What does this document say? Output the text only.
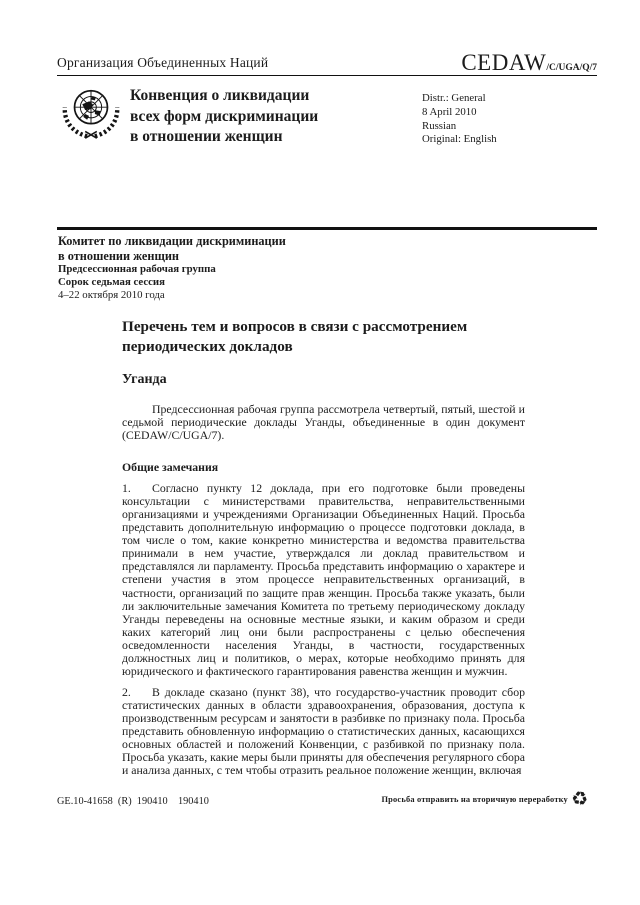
Организация Объединенных Наций	CEDAW/C/UGA/Q/7
Конвенция о ликвидации
всех форм дискриминации
в отношении женщин
Distr.: General
8 April 2010
Russian
Original: English
Комитет по ликвидации дискриминации
в отношении женщин
Предсессионная рабочая группа
Сорок седьмая сессия
4–22 октября 2010 года
Перечень тем и вопросов в связи с рассмотрением периодических докладов
Уганда

Предсессионная рабочая группа рассмотрела четвертый, пятый, шестой и седьмой периодические доклады Уганды, объединенные в один документ (CEDAW/C/UGA/7).

Общие замечания

1. Согласно пункту 12 доклада, при его подготовке были проведены консультации с министерствами правительства, неправительственными организациями и учреждениями Организации Объединенных Наций. Просьба представить дополнительную информацию о процессе подготовки доклада, в том числе о том, какие конкретно министерства и ведомства правительства принимали в нем участие, утверждался ли доклад правительством и представлялся ли парламенту. Просьба представить информацию о характере и степени участия в этом процессе неправительственных организаций, в частности, организаций по защите прав женщин. Просьба также указать, были ли заключительные замечания Комитета по третьему периодическому докладу Уганды переведены на основные местные языки, и каким образом и среди каких категорий лиц они были распространены с целью обеспечения осведомленности населения Уганды, в частности, государственных должностных лиц и политиков, о мерах, которые необходимо принять для юридического и фактического гарантирования равенства женщин и мужчин.

2. В докладе сказано (пункт 38), что государство-участник проводит сбор статистических данных в области здравоохранения, образования, доступа к производственным ресурсам и занятости в разбивке по признаку пола. Просьба представить обновленную информацию о статистических данных, касающихся основных областей и положений Конвенции, с разбивкой по признаку пола. Просьба указать, какие меры были приняты для обеспечения регулярного сбора и анализа данных, с тем чтобы отразить реальное положение женщин, включая

GE.10-41658  (R)  190410    190410	Просьба отправить на вторичную переработку ♻
